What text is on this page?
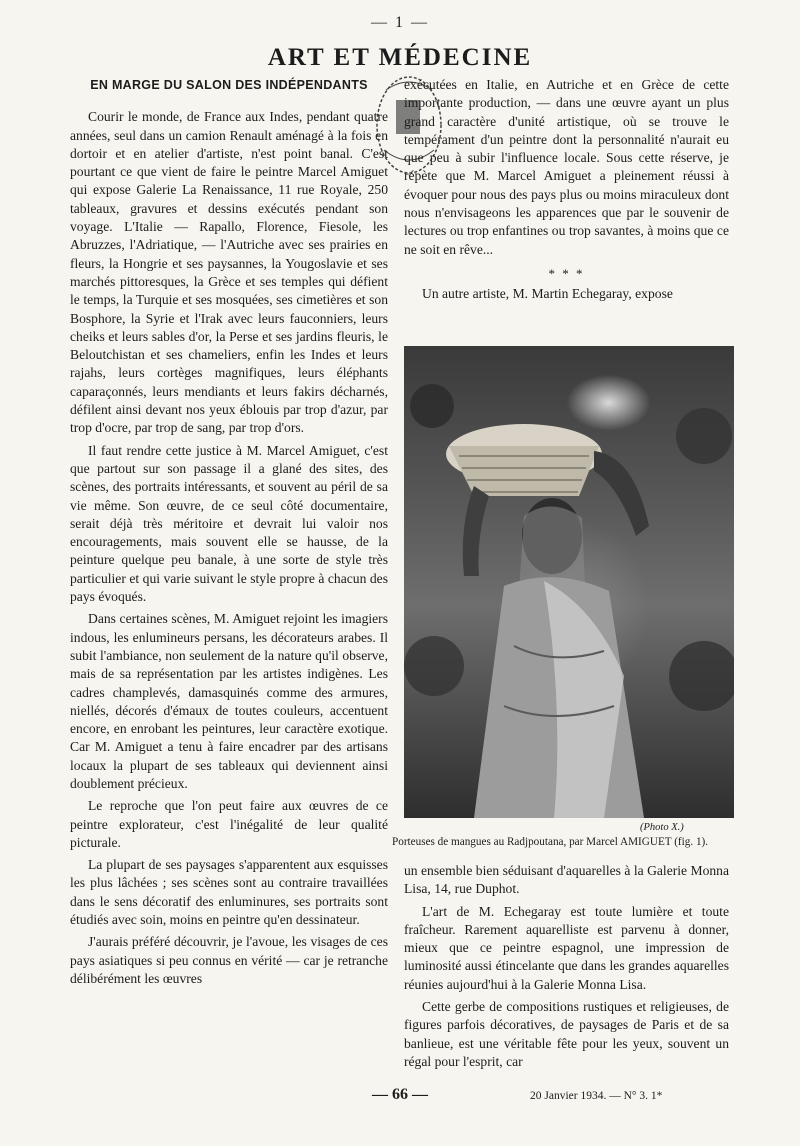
— 1 —
ART ET MÉDECINE
EN MARGE DU SALON DES INDÉPENDANTS

Courir le monde, de France aux Indes, pendant quatre années, seul dans un camion Renault aménagé à la fois en dortoir et en atelier d'artiste, n'est point banal. C'est pourtant ce que vient de faire le peintre Marcel Amiguet qui expose Galerie La Renaissance, 11 rue Royale, 250 tableaux, gravures et dessins exécutés pendant son voyage. L'Italie — Rapallo, Florence, Fiesole, les Abruzzes, l'Adriatique, — l'Autriche avec ses prairies en fleurs, la Hongrie et ses paysannes, la Yougoslavie et ses marchés pittoresques, la Grèce et ses temples qui défient le temps, la Turquie et ses mosquées, ses cimetières et son Bosphore, la Syrie et l'Irak avec leurs fauconniers, leurs cheiks et leurs sables d'or, la Perse et ses jardins fleuris, le Beloutchistan et ses chameliers, enfin les Indes et leurs rajahs, leurs cortèges magnifiques, leurs éléphants caparaçonnés, leurs mendiants et leurs fakirs décharnés, défilent ainsi devant nos yeux éblouis par trop d'azur, par trop d'ocre, par trop de sang, par trop d'ors.

Il faut rendre cette justice à M. Marcel Amiguet, c'est que partout sur son passage il a glané des sites, des scènes, des portraits intéressants, et souvent au péril de sa vie même. Son œuvre, de ce seul côté documentaire, serait déjà très méritoire et devrait lui valoir nos encouragements, mais souvent elle se hausse, de la peinture quelque peu banale, à une sorte de style très particulier et qui varie suivant le style propre à chacun des pays évoqués.

Dans certaines scènes, M. Amiguet rejoint les imagiers indous, les enlumineurs persans, les décorateurs arabes. Il subit l'ambiance, non seulement de la nature qu'il observe, mais de sa représentation par les artistes indigènes. Les cadres champlevés, damasquinés comme des armures, niellés, décorés d'émaux de toutes couleurs, accentuent encore, en enrobant les peintures, leur caractère exotique. Car M. Amiguet a tenu à faire encadrer par des artisans locaux la plupart de ses tableaux qui deviennent ainsi doublement précieux.

Le reproche que l'on peut faire aux œuvres de ce peintre explorateur, c'est l'inégalité de leur qualité picturale.

La plupart de ses paysages s'apparentent aux esquisses les plus lâchées ; ses scènes sont au contraire travaillées dans le sens décoratif des enluminures, ses portraits sont étudiés avec soin, moins en peintre qu'en dessinateur.

J'aurais préféré découvrir, je l'avoue, les visages de ces pays asiatiques si peu connus en vérité — car je retranche délibérément les œuvres

exécutées en Italie, en Autriche et en Grèce de cette importante production, — dans une œuvre ayant un plus grand caractère d'unité artistique, où se trouve le tempérament d'un peintre dont la personnalité n'aurait eu que peu à subir l'influence locale. Sous cette réserve, je répète que M. Marcel Amiguet a pleinement réussi à évoquer pour nous des pays plus ou moins miraculeux dont nous n'envisageons les apparences que par le souvenir de lectures ou trop enfantines ou trop savantes, à moins que ce ne soit en rêve...

* * *

Un autre artiste, M. Martin Echegaray, expose

(Photo X.)
Porteuses de mangues au Radjpoutana, par Marcel AMIGUET (fig. 1).

un ensemble bien séduisant d'aquarelles à la Galerie Monna Lisa, 14, rue Duphot.

L'art de M. Echegaray est toute lumière et toute fraîcheur. Rarement aquarelliste est parvenu à donner, mieux que ce peintre espagnol, une impression de luminosité aussi étincelante que dans les grandes aquarelles réunies aujourd'hui à la Galerie Monna Lisa.

Cette gerbe de compositions rustiques et religieuses, de figures parfois décoratives, de paysages de Paris et de sa banlieue, est une véritable fête pour les yeux, souvent un régal pour l'esprit, car

— 66 —	20 Janvier 1934. — N° 3. 1*
